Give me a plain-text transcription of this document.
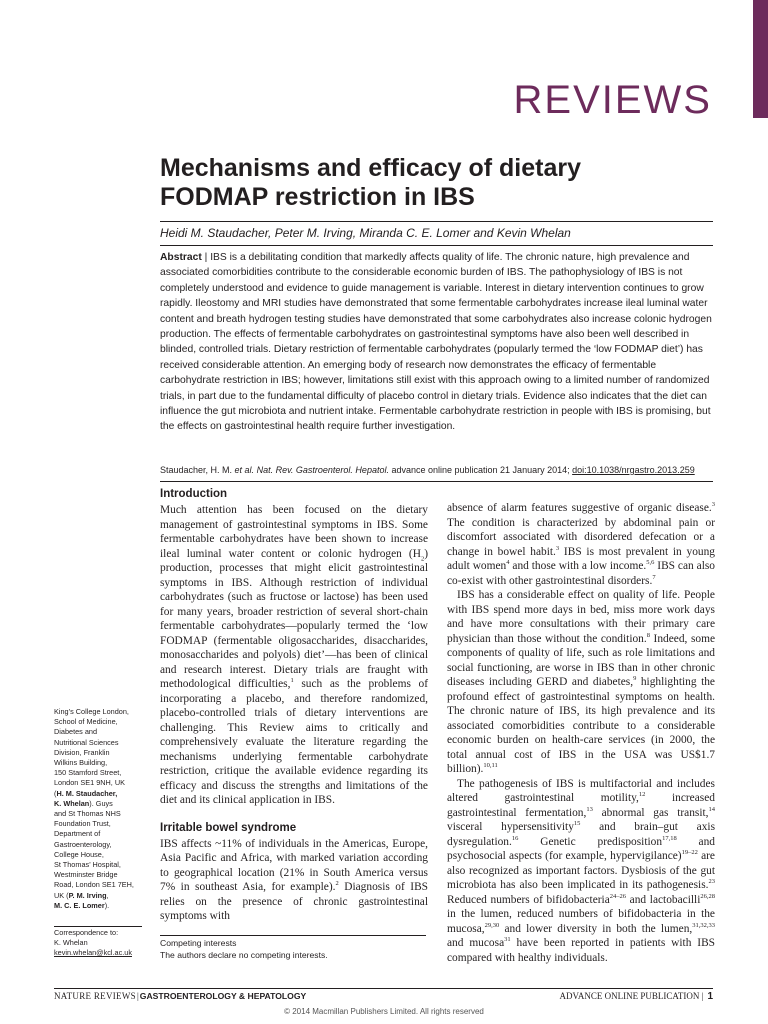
REVIEWS
Mechanisms and efficacy of dietary
FODMAP restriction in IBS
Heidi M. Staudacher, Peter M. Irving, Miranda C. E. Lomer and Kevin Whelan

Abstract | IBS is a debilitating condition that markedly affects quality of life. The chronic nature, high prevalence and associated comorbidities contribute to the considerable economic burden of IBS. The pathophysiology of IBS is not completely understood and evidence to guide management is variable. Interest in dietary intervention continues to grow rapidly. Ileostomy and MRI studies have demonstrated that some fermentable carbohydrates increase ileal luminal water content and breath hydrogen testing studies have demonstrated that some carbohydrates also increase colonic hydrogen production. The effects of fermentable carbohydrates on gastrointestinal symptoms have also been well described in blinded, controlled trials. Dietary restriction of fermentable carbohydrates (popularly termed the ‘low FODMAP diet’) has received considerable attention. An emerging body of research now demonstrates the efficacy of fermentable carbohydrate restriction in IBS; however, limitations still exist with this approach owing to a limited number of randomized trials, in part due to the fundamental difficulty of placebo control in dietary trials. Evidence also indicates that the diet can influence the gut microbiota and nutrient intake. Fermentable carbohydrate restriction in people with IBS is promising, but the effects on gastrointestinal health require further investigation.

Staudacher, H. M. et al. Nat. Rev. Gastroenterol. Hepatol. advance online publication 21 January 2014; doi:10.1038/nrgastro.2013.259
Introduction

Much attention has been focused on the dietary management of gastrointestinal symptoms in IBS. Some fermentable carbohydrates have been shown to increase ileal luminal water content or colonic hydrogen $(H_2)$ production, processes that might elicit gastrointestinal symptoms in IBS. Although restriction of individual carbohydrates (such as fructose or lactose) has been used for many years, broader restriction of several short-chain fermentable carbohydrates—popularly termed the ‘low FODMAP (fermentable oligosaccharides, disaccharides, monosaccharides and polyols) diet’—has been of clinical and research interest. Dietary trials are fraught with methodological difficulties,$^1$ such as the problems of incorporating a placebo, and therefore randomized, placebo-controlled trials of dietary interventions are challenging. This Review aims to critically and comprehensively evaluate the literature regarding the mechanisms underlying fermentable carbohydrate restriction, critique the available evidence regarding its efficacy and discuss the strengths and limitations of the diet and its clinical application in IBS.

Irritable bowel syndrome

IBS affects ~11% of individuals in the Americas, Europe, Asia Pacific and Africa, with marked variation according to geographical location (21% in South America versus 7% in southeast Asia, for example).$^2$ Diagnosis of IBS relies on the presence of chronic gastrointestinal symptoms with

absence of alarm features suggestive of organic disease.$^3$ The condition is characterized by abdominal pain or discomfort associated with disordered defecation or a change in bowel habit.$^3$ IBS is most prevalent in young adult women$^4$ and those with a low income.$^{5,6}$ IBS can also co-exist with other gastrointestinal disorders.$^7$

IBS has a considerable effect on quality of life. People with IBS spend more days in bed, miss more work days and have more consultations with their primary care physician than those without the condition.$^8$ Indeed, some components of quality of life, such as role limitations and social functioning, are worse in IBS than in other chronic diseases including GERD and diabetes,$^9$ highlighting the profound effect of gastrointestinal symptoms on health. The chronic nature of IBS, its high prevalence and its associated comorbidities contribute to a considerable economic burden on health-care services (in 2000, the total annual cost of IBS in the USA was US$1.7 billion).$^{10,11}$

The pathogenesis of IBS is multifactorial and includes altered gastrointestinal motility,$^{12}$ increased gastrointestinal fermentation,$^{13}$ abnormal gas transit,$^{14}$ visceral hypersensitivity$^{15}$ and brain–gut axis dysregulation.$^{16}$ Genetic predisposition$^{17,18}$ and psychosocial aspects (for example, hypervigilance)$^{19-22}$ are also recognized as important factors. Dysbiosis of the gut microbiota has also been implicated in its pathogenesis.$^{23}$ Reduced numbers of bifidobacteria$^{24-26}$ and lactobacilli$^{26,28}$ in the lumen, reduced numbers of bifidobacteria in the mucosa,$^{29,30}$ and lower diversity in both the lumen,$^{31,32,33}$ and mucosa$^{31}$ have been reported in patients with IBS compared with healthy individuals.

King’s College London,
School of Medicine,
Diabetes and
Nutritional Sciences
Division, Franklin
Wilkins Building,
150 Stamford Street,
London SE1 9NH, UK
(H. M. Staudacher,
K. Whelan). Guys
and St Thomas NHS
Foundation Trust,
Department of
Gastroenterology,
College House,
St Thomas’ Hospital,
Westminster Bridge
Road, London SE1 7EH,
UK (P. M. Irving,
M. C. E. Lomer).

Correspondence to:
K. Whelan
kevin.whelan@kcl.ac.uk
Competing interests
The authors declare no competing interests.
NATURE REVIEWS|GASTROENTEROLOGY & HEPATOLOGY	ADVANCE ONLINE PUBLICATION | 1
© 2014 Macmillan Publishers Limited. All rights reserved
